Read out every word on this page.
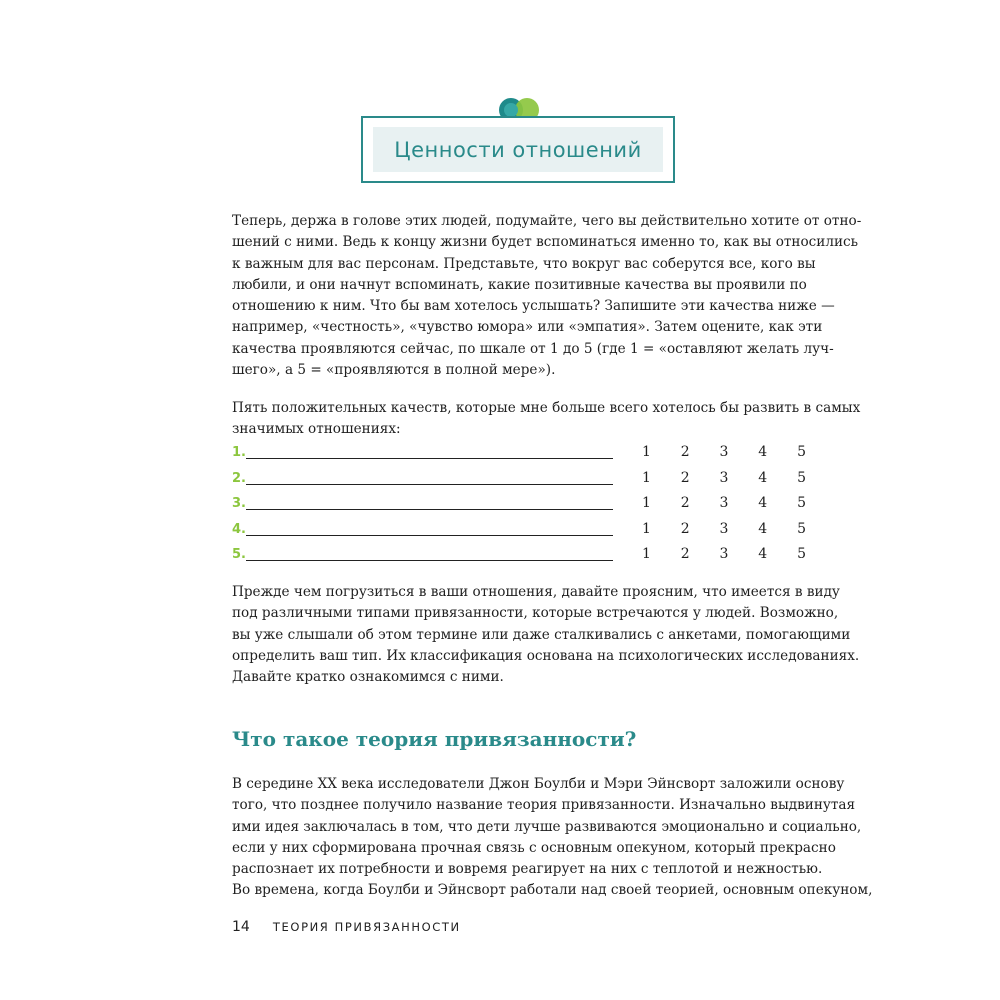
Ценности отношений

Теперь, держа в голове этих людей, подумайте, чего вы действительно хотите от отно-
шений с ними. Ведь к концу жизни будет вспоминаться именно то, как вы относились
к важным для вас персонам. Представьте, что вокруг вас соберутся все, кого вы
любили, и они начнут вспоминать, какие позитивные качества вы проявили по
отношению к ним. Что бы вам хотелось услышать? Запишите эти качества ниже —
например, «честность», «чувство юмора» или «эмпатия». Затем оцените, как эти
качества проявляются сейчас, по шкале от 1 до 5 (где 1 = «оставляют желать луч-
шего», а 5 = «проявляются в полной мере»).

Пять положительных качеств, которые мне больше всего хотелось бы развить в самых
значимых отношениях:

1.	1 2 3 4 5
2.	1 2 3 4 5
3.	1 2 3 4 5
4.	1 2 3 4 5
5.	1 2 3 4 5

Прежде чем погрузиться в ваши отношения, давайте проясним, что имеется в виду
под различными типами привязанности, которые встречаются у людей. Возможно,
вы уже слышали об этом термине или даже сталкивались с анкетами, помогающими
определить ваш тип. Их классификация основана на психологических исследованиях.
Давайте кратко ознакомимся с ними.

Что такое теория привязанности?

В середине XX века исследователи Джон Боулби и Мэри Эйнсворт заложили основу
того, что позднее получило название теория привязанности. Изначально выдвинутая
ими идея заключалась в том, что дети лучше развиваются эмоционально и социально,
если у них сформирована прочная связь с основным опекуном, который прекрасно
распознает их потребности и вовремя реагирует на них с теплотой и нежностью.
Во времена, когда Боулби и Эйнсворт работали над своей теорией, основным опекуном,

14 ТЕОРИЯ ПРИВЯЗАННОСТИ
